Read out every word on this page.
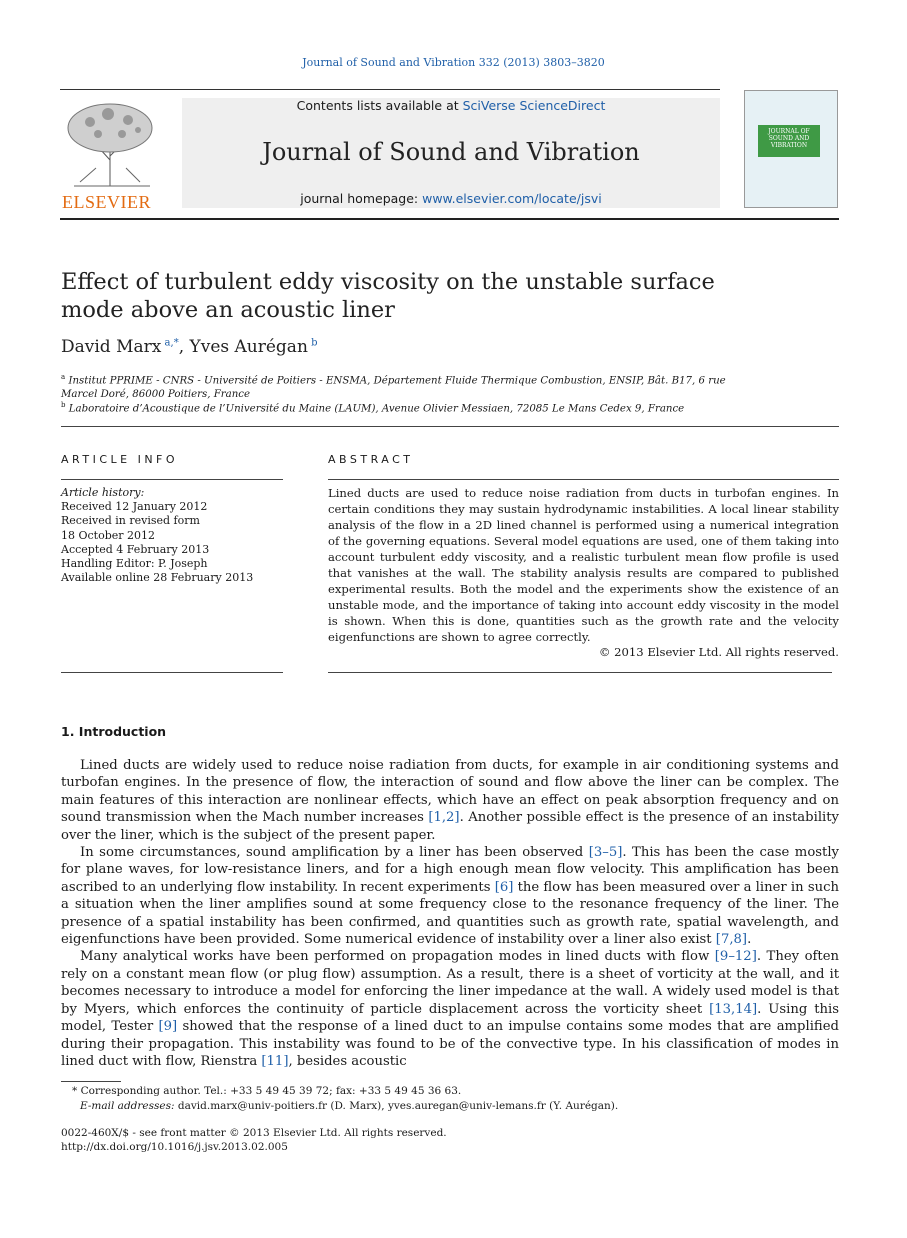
Journal of Sound and Vibration 332 (2013) 3803–3820
ELSEVIER
Contents lists available at SciVerse ScienceDirect
Journal of Sound and Vibration
journal homepage: www.elsevier.com/locate/jsvi
JOURNAL OF SOUND AND VIBRATION
Effect of turbulent eddy viscosity on the unstable surface mode above an acoustic liner
David Marx $^{a,*}$, Yves Aurégan $^b$
$^a$ Institut PPRIME - CNRS - Université de Poitiers - ENSMA, Département Fluide Thermique Combustion, ENSIP, Bât. B17, 6 rue Marcel Doré, 86000 Poitiers, France
$^b$ Laboratoire d’Acoustique de l’Université du Maine (LAUM), Avenue Olivier Messiaen, 72085 Le Mans Cedex 9, France
ARTICLE INFO
Article history:
Received 12 January 2012
Received in revised form
18 October 2012
Accepted 4 February 2013
Handling Editor: P. Joseph
Available online 28 February 2013
ABSTRACT
Lined ducts are used to reduce noise radiation from ducts in turbofan engines. In certain conditions they may sustain hydrodynamic instabilities. A local linear stability analysis of the flow in a 2D lined channel is performed using a numerical integration of the governing equations. Several model equations are used, one of them taking into account turbulent eddy viscosity, and a realistic turbulent mean flow profile is used that vanishes at the wall. The stability analysis results are compared to published experimental results. Both the model and the experiments show the existence of an unstable mode, and the importance of taking into account eddy viscosity in the model is shown. When this is done, quantities such as the growth rate and the velocity eigenfunctions are shown to agree correctly.
© 2013 Elsevier Ltd. All rights reserved.
1. Introduction

Lined ducts are widely used to reduce noise radiation from ducts, for example in air conditioning systems and turbofan engines. In the presence of flow, the interaction of sound and flow above the liner can be complex. The main features of this interaction are nonlinear effects, which have an effect on peak absorption frequency and on sound transmission when the Mach number increases [1,2]. Another possible effect is the presence of an instability over the liner, which is the subject of the present paper.

In some circumstances, sound amplification by a liner has been observed [3–5]. This has been the case mostly for plane waves, for low-resistance liners, and for a high enough mean flow velocity. This amplification has been ascribed to an underlying flow instability. In recent experiments [6] the flow has been measured over a liner in such a situation when the liner amplifies sound at some frequency close to the resonance frequency of the liner. The presence of a spatial instability has been confirmed, and quantities such as growth rate, spatial wavelength, and eigenfunctions have been provided. Some numerical evidence of instability over a liner also exist [7,8].

Many analytical works have been performed on propagation modes in lined ducts with flow [9–12]. They often rely on a constant mean flow (or plug flow) assumption. As a result, there is a sheet of vorticity at the wall, and it becomes necessary to introduce a model for enforcing the liner impedance at the wall. A widely used model is that by Myers, which enforces the continuity of particle displacement across the vorticity sheet [13,14]. Using this model, Tester [9] showed that the response of a lined duct to an impulse contains some modes that are amplified during their propagation. This instability was found to be of the convective type. In his classification of modes in lined duct with flow, Rienstra [11], besides acoustic

* Corresponding author. Tel.: +33 5 49 45 39 72; fax: +33 5 49 45 36 63.
E-mail addresses: david.marx@univ-poitiers.fr (D. Marx), yves.auregan@univ-lemans.fr (Y. Aurégan).
0022-460X/$ - see front matter © 2013 Elsevier Ltd. All rights reserved.
http://dx.doi.org/10.1016/j.jsv.2013.02.005
